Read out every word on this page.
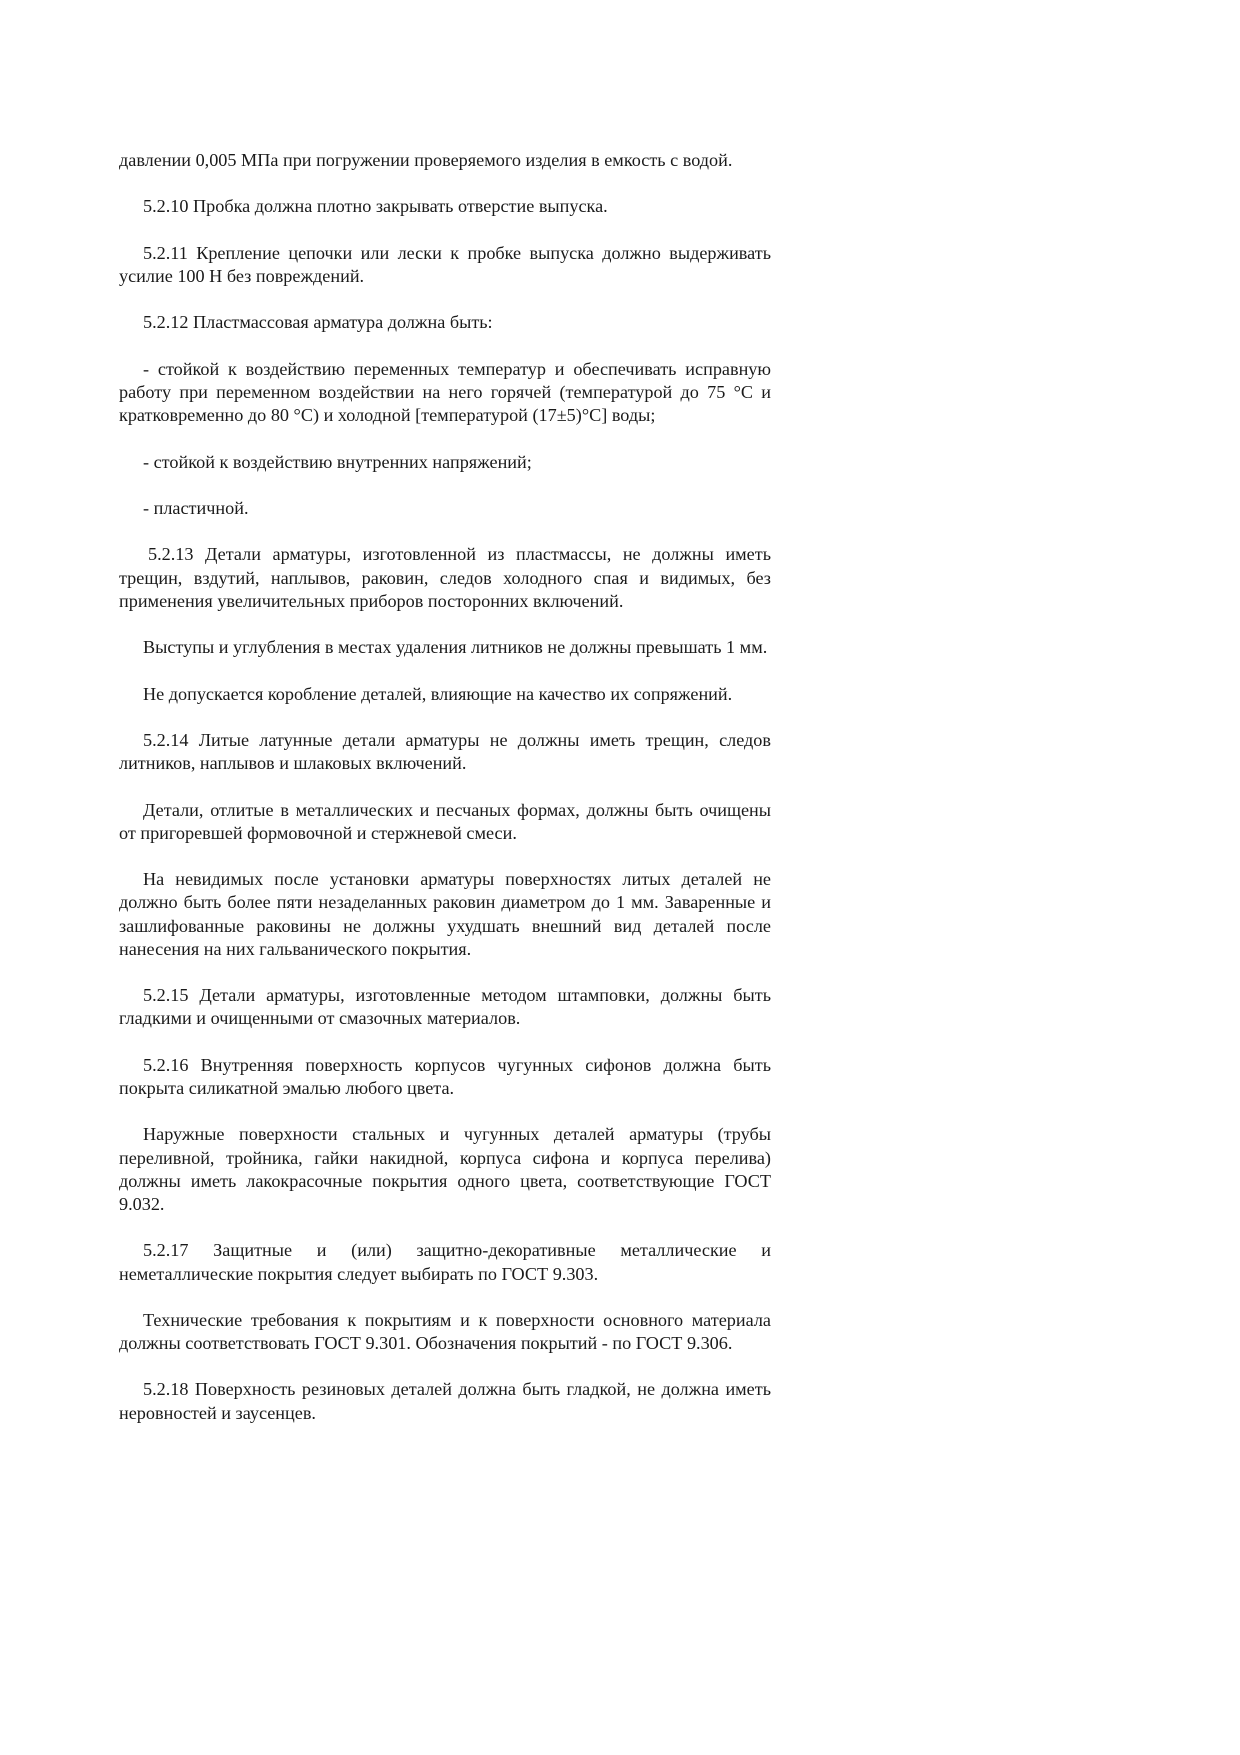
давлении 0,005 МПа при погружении проверяемого изделия в емкость с водой.

5.2.10 Пробка должна плотно закрывать отверстие выпуска.

5.2.11 Крепление цепочки или лески к пробке выпуска должно выдерживать усилие 100 Н без повреждений.

5.2.12 Пластмассовая арматура должна быть:

- стойкой к воздействию переменных температур и обеспечивать исправную работу при переменном воздействии на него горячей (температурой до 75 °С и кратковременно до 80 °С) и холодной [температурой (17±5)°С] воды;

- стойкой к воздействию внутренних напряжений;

- пластичной.

5.2.13 Детали арматуры, изготовленной из пластмассы, не должны иметь трещин, вздутий, наплывов, раковин, следов холодного спая и видимых, без применения увеличительных приборов посторонних включений.

Выступы и углубления в местах удаления литников не должны превышать 1 мм.

Не допускается коробление деталей, влияющие на качество их сопряжений.

5.2.14 Литые латунные детали арматуры не должны иметь трещин, следов литников, наплывов и шлаковых включений.

Детали, отлитые в металлических и песчаных формах, должны быть очищены от пригоревшей формовочной и стержневой смеси.

На невидимых после установки арматуры поверхностях литых деталей не должно быть более пяти незаделанных раковин диаметром до 1 мм. Заваренные и зашлифованные раковины не должны ухудшать внешний вид деталей после нанесения на них гальванического покрытия.

5.2.15 Детали арматуры, изготовленные методом штамповки, должны быть гладкими и очищенными от смазочных материалов.

5.2.16 Внутренняя поверхность корпусов чугунных сифонов должна быть покрыта силикатной эмалью любого цвета.

Наружные поверхности стальных и чугунных деталей арматуры (трубы переливной, тройника, гайки накидной, корпуса сифона и корпуса перелива) должны иметь лакокрасочные покрытия одного цвета, соответствующие ГОСТ 9.032.

5.2.17 Защитные и (или) защитно-декоративные металлические и неметаллические покрытия следует выбирать по ГОСТ 9.303.

Технические требования к покрытиям и к поверхности основного материала должны соответствовать ГОСТ 9.301. Обозначения покрытий - по ГОСТ 9.306.

5.2.18 Поверхность резиновых деталей должна быть гладкой, не должна иметь неровностей и заусенцев.
